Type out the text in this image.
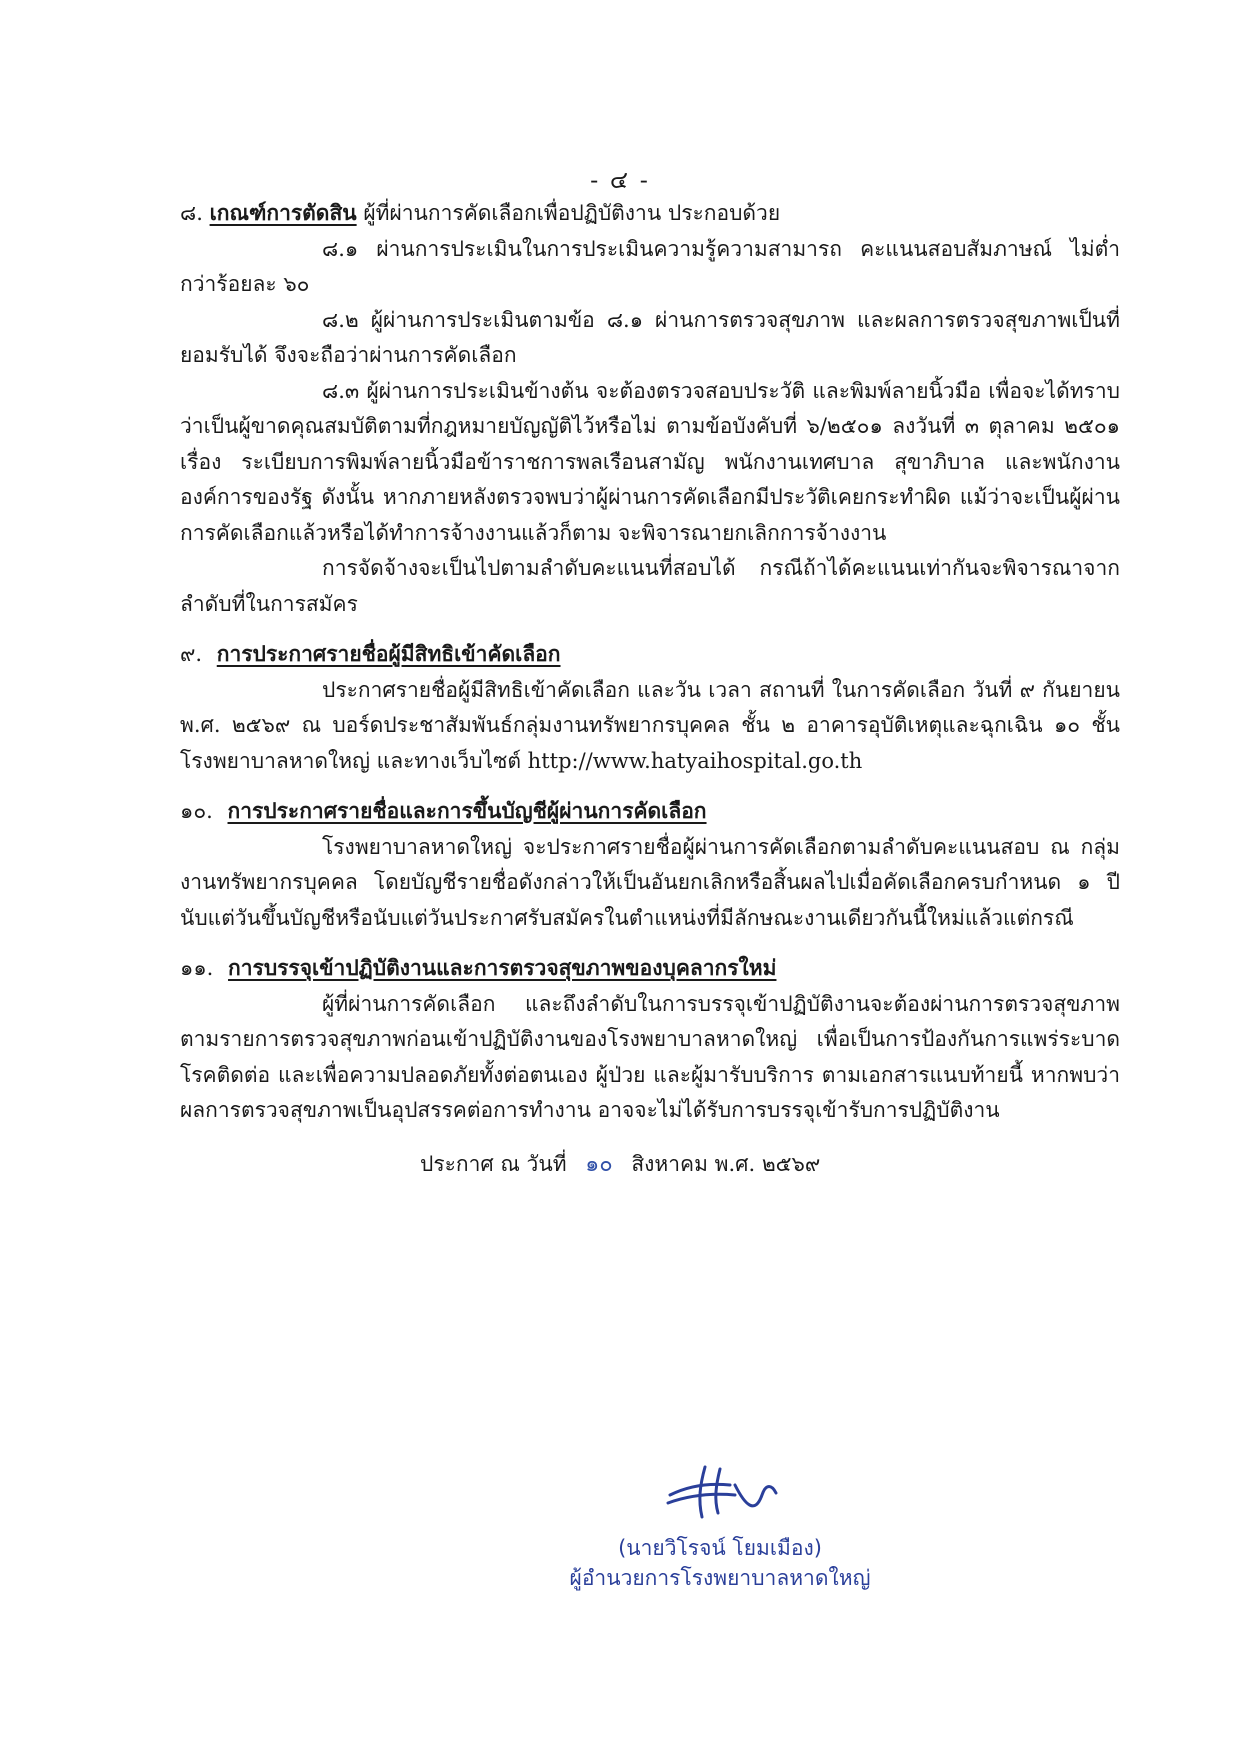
- ๔ -

๘. เกณฑ์การตัดสิน ผู้ที่ผ่านการคัดเลือกเพื่อปฏิบัติงาน ประกอบด้วย

๘.๑ ผ่านการประเมินในการประเมินความรู้ความสามารถ คะแนนสอบสัมภาษณ์ ไม่ต่ำกว่าร้อยละ ๖๐

๘.๒ ผู้ผ่านการประเมินตามข้อ ๘.๑ ผ่านการตรวจสุขภาพ และผลการตรวจสุขภาพเป็นที่ยอมรับได้ จึงจะถือว่าผ่านการคัดเลือก

๘.๓ ผู้ผ่านการประเมินข้างต้น จะต้องตรวจสอบประวัติ และพิมพ์ลายนิ้วมือ เพื่อจะได้ทราบว่าเป็นผู้ขาดคุณสมบัติตามที่กฎหมายบัญญัติไว้หรือไม่ ตามข้อบังคับที่ ๖/๒๕๐๑ ลงวันที่ ๓ ตุลาคม ๒๕๐๑ เรื่อง ระเบียบการพิมพ์ลายนิ้วมือข้าราชการพลเรือนสามัญ พนักงานเทศบาล สุขาภิบาล และพนักงานองค์การของรัฐ ดังนั้น หากภายหลังตรวจพบว่าผู้ผ่านการคัดเลือกมีประวัติเคยกระทำผิด แม้ว่าจะเป็นผู้ผ่านการคัดเลือกแล้วหรือได้ทำการจ้างงานแล้วก็ตาม จะพิจารณายกเลิกการจ้างงาน

การจัดจ้างจะเป็นไปตามลำดับคะแนนที่สอบได้ กรณีถ้าได้คะแนนเท่ากันจะพิจารณาจากลำดับที่ในการสมัคร

๙. การประกาศรายชื่อผู้มีสิทธิเข้าคัดเลือก

ประกาศรายชื่อผู้มีสิทธิเข้าคัดเลือก และวัน เวลา สถานที่ ในการคัดเลือก วันที่ ๙ กันยายน พ.ศ. ๒๕๖๙ ณ บอร์ดประชาสัมพันธ์กลุ่มงานทรัพยากรบุคคล ชั้น ๒ อาคารอุบัติเหตุและฉุกเฉิน ๑๐ ชั้น โรงพยาบาลหาดใหญ่ และทางเว็บไซต์ http://www.hatyaihospital.go.th

๑๐. การประกาศรายชื่อและการขึ้นบัญชีผู้ผ่านการคัดเลือก

โรงพยาบาลหาดใหญ่ จะประกาศรายชื่อผู้ผ่านการคัดเลือกตามลำดับคะแนนสอบ ณ กลุ่มงานทรัพยากรบุคคล โดยบัญชีรายชื่อดังกล่าวให้เป็นอันยกเลิกหรือสิ้นผลไปเมื่อคัดเลือกครบกำหนด ๑ ปี นับแต่วันขึ้นบัญชีหรือนับแต่วันประกาศรับสมัครในตำแหน่งที่มีลักษณะงานเดียวกันนี้ใหม่แล้วแต่กรณี

๑๑. การบรรจุเข้าปฏิบัติงานและการตรวจสุขภาพของบุคลากรใหม่

ผู้ที่ผ่านการคัดเลือก และถึงลำดับในการบรรจุเข้าปฏิบัติงานจะต้องผ่านการตรวจสุขภาพตามรายการตรวจสุขภาพก่อนเข้าปฏิบัติงานของโรงพยาบาลหาดใหญ่ เพื่อเป็นการป้องกันการแพร่ระบาดโรคติดต่อ และเพื่อความปลอดภัยทั้งต่อตนเอง ผู้ป่วย และผู้มารับบริการ ตามเอกสารแนบท้ายนี้ หากพบว่าผลการตรวจสุขภาพเป็นอุปสรรคต่อการทำงาน อาจจะไม่ได้รับการบรรจุเข้ารับการปฏิบัติงาน

ประกาศ ณ วันที่ ๑๐ สิงหาคม พ.ศ. ๒๕๖๙

(นายวิโรจน์ โยมเมือง)
ผู้อำนวยการโรงพยาบาลหาดใหญ่
